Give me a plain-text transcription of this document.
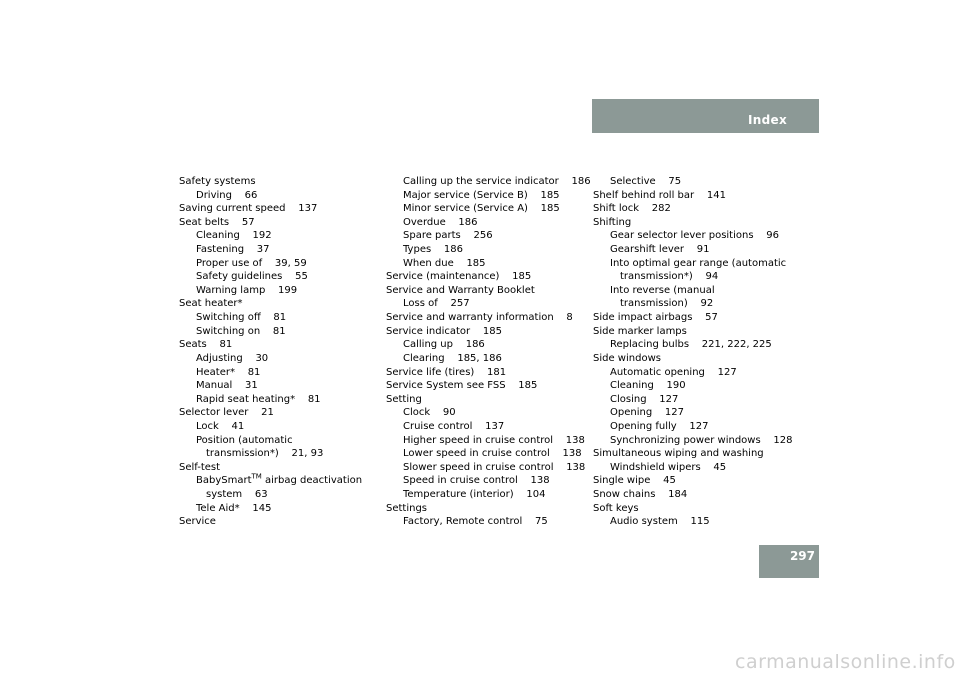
Index
Safety systems
Driving    66
Saving current speed    137
Seat belts    57
Cleaning    192
Fastening    37
Proper use of    39, 59
Safety guidelines    55
Warning lamp    199
Seat heater*
Switching off    81
Switching on    81
Seats    81
Adjusting    30
Heater*    81
Manual    31
Rapid seat heating*    81
Selector lever    21
Lock    41
Position (automatic
transmission*)    21, 93
Self-test
BabySmart™ airbag deactivation
system    63
Tele Aid*    145
Service
Calling up the service indicator    186
Major service (Service B)    185
Minor service (Service A)    185
Overdue    186
Spare parts    256
Types    186
When due    185
Service (maintenance)    185
Service and Warranty Booklet
Loss of    257
Service and warranty information    8
Service indicator    185
Calling up    186
Clearing    185, 186
Service life (tires)    181
Service System see FSS    185
Setting
Clock    90
Cruise control    137
Higher speed in cruise control    138
Lower speed in cruise control    138
Slower speed in cruise control    138
Speed in cruise control    138
Temperature (interior)    104
Settings
Factory, Remote control    75
Selective    75
Shelf behind roll bar    141
Shift lock    282
Shifting
Gear selector lever positions    96
Gearshift lever    91
Into optimal gear range (automatic
transmission*)    94
Into reverse (manual
transmission)    92
Side impact airbags    57
Side marker lamps
Replacing bulbs    221, 222, 225
Side windows
Automatic opening    127
Cleaning    190
Closing    127
Opening    127
Opening fully    127
Synchronizing power windows    128
Simultaneous wiping and washing
Windshield wipers    45
Single wipe    45
Snow chains    184
Soft keys
Audio system    115
297
carmanualsonline.info
